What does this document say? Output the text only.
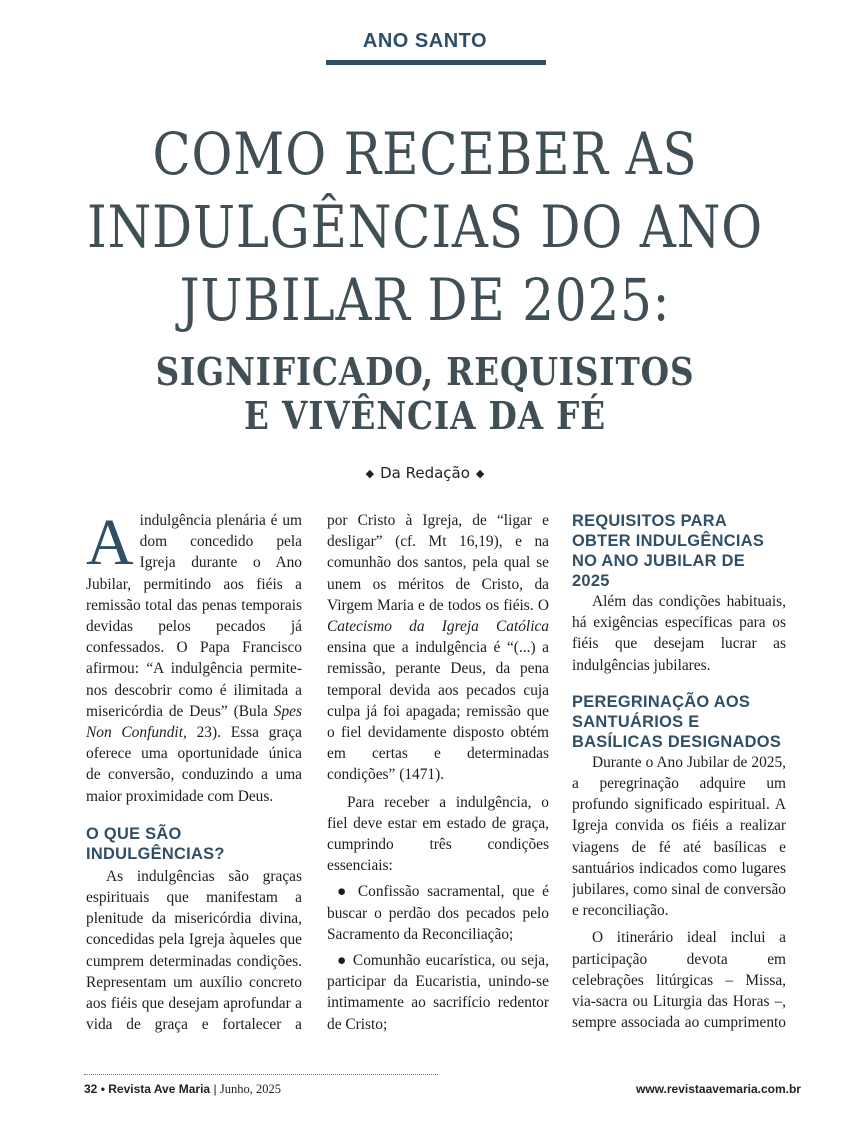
ANO SANTO
COMO RECEBER AS
INDULGÊNCIAS DO ANO
JUBILAR DE 2025:
SIGNIFICADO, REQUISITOS
E VIVÊNCIA DA FÉ
◆ Da Redação ◆

A indulgência plenária é um dom concedido pela Igreja durante o Ano Jubilar, permitindo aos fiéis a remissão total das penas temporais devidas pelos pecados já confessados. O Papa Francisco afirmou: “A indulgência permite-nos descobrir como é ilimitada a misericórdia de Deus” (Bula Spes Non Confundit, 23). Essa graça oferece uma oportunidade única de conversão, conduzindo a uma maior proximidade com Deus.

O QUE SÃO INDULGÊNCIAS?

As indulgências são graças espirituais que manifestam a plenitude da misericórdia divina, concedidas pela Igreja àqueles que cumprem determinadas condições. Representam um auxílio concreto aos fiéis que desejam aprofundar a vida de graça e fortalecer a

por Cristo à Igreja, de “ligar e desligar” (cf. Mt 16,19), e na comunhão dos santos, pela qual se unem os méritos de Cristo, da Virgem Maria e de todos os fiéis. O Catecismo da Igreja Católica ensina que a indulgência é “(...) a remissão, perante Deus, da pena temporal devida aos pecados cuja culpa já foi apagada; remissão que o fiel devidamente disposto obtém em certas e determinadas condições” (1471).

Para receber a indulgência, o fiel deve estar em estado de graça, cumprindo três condições essenciais:

● Confissão sacramental, que é buscar o perdão dos pecados pelo Sacramento da Reconciliação;

● Comunhão eucarística, ou seja, participar da Eucaristia, unindo-se intimamente ao sacrifício redentor de Cristo;

REQUISITOS PARA OBTER INDULGÊNCIAS NO ANO JUBILAR DE 2025

Além das condições habituais, há exigências específicas para os fiéis que desejam lucrar as indulgências jubilares.

PEREGRINAÇÃO AOS SANTUÁRIOS E BASÍLICAS DESIGNADOS

Durante o Ano Jubilar de 2025, a peregrinação adquire um profundo significado espiritual. A Igreja convida os fiéis a realizar viagens de fé até basílicas e santuários indicados como lugares jubilares, como sinal de conversão e reconciliação.

O itinerário ideal inclui a participação devota em celebrações litúrgicas – Missa, via-sacra ou Liturgia das Horas –, sempre associada ao cumprimento

32 • Revista Ave Maria | Junho, 2025	www.revistaavemaria.com.br
